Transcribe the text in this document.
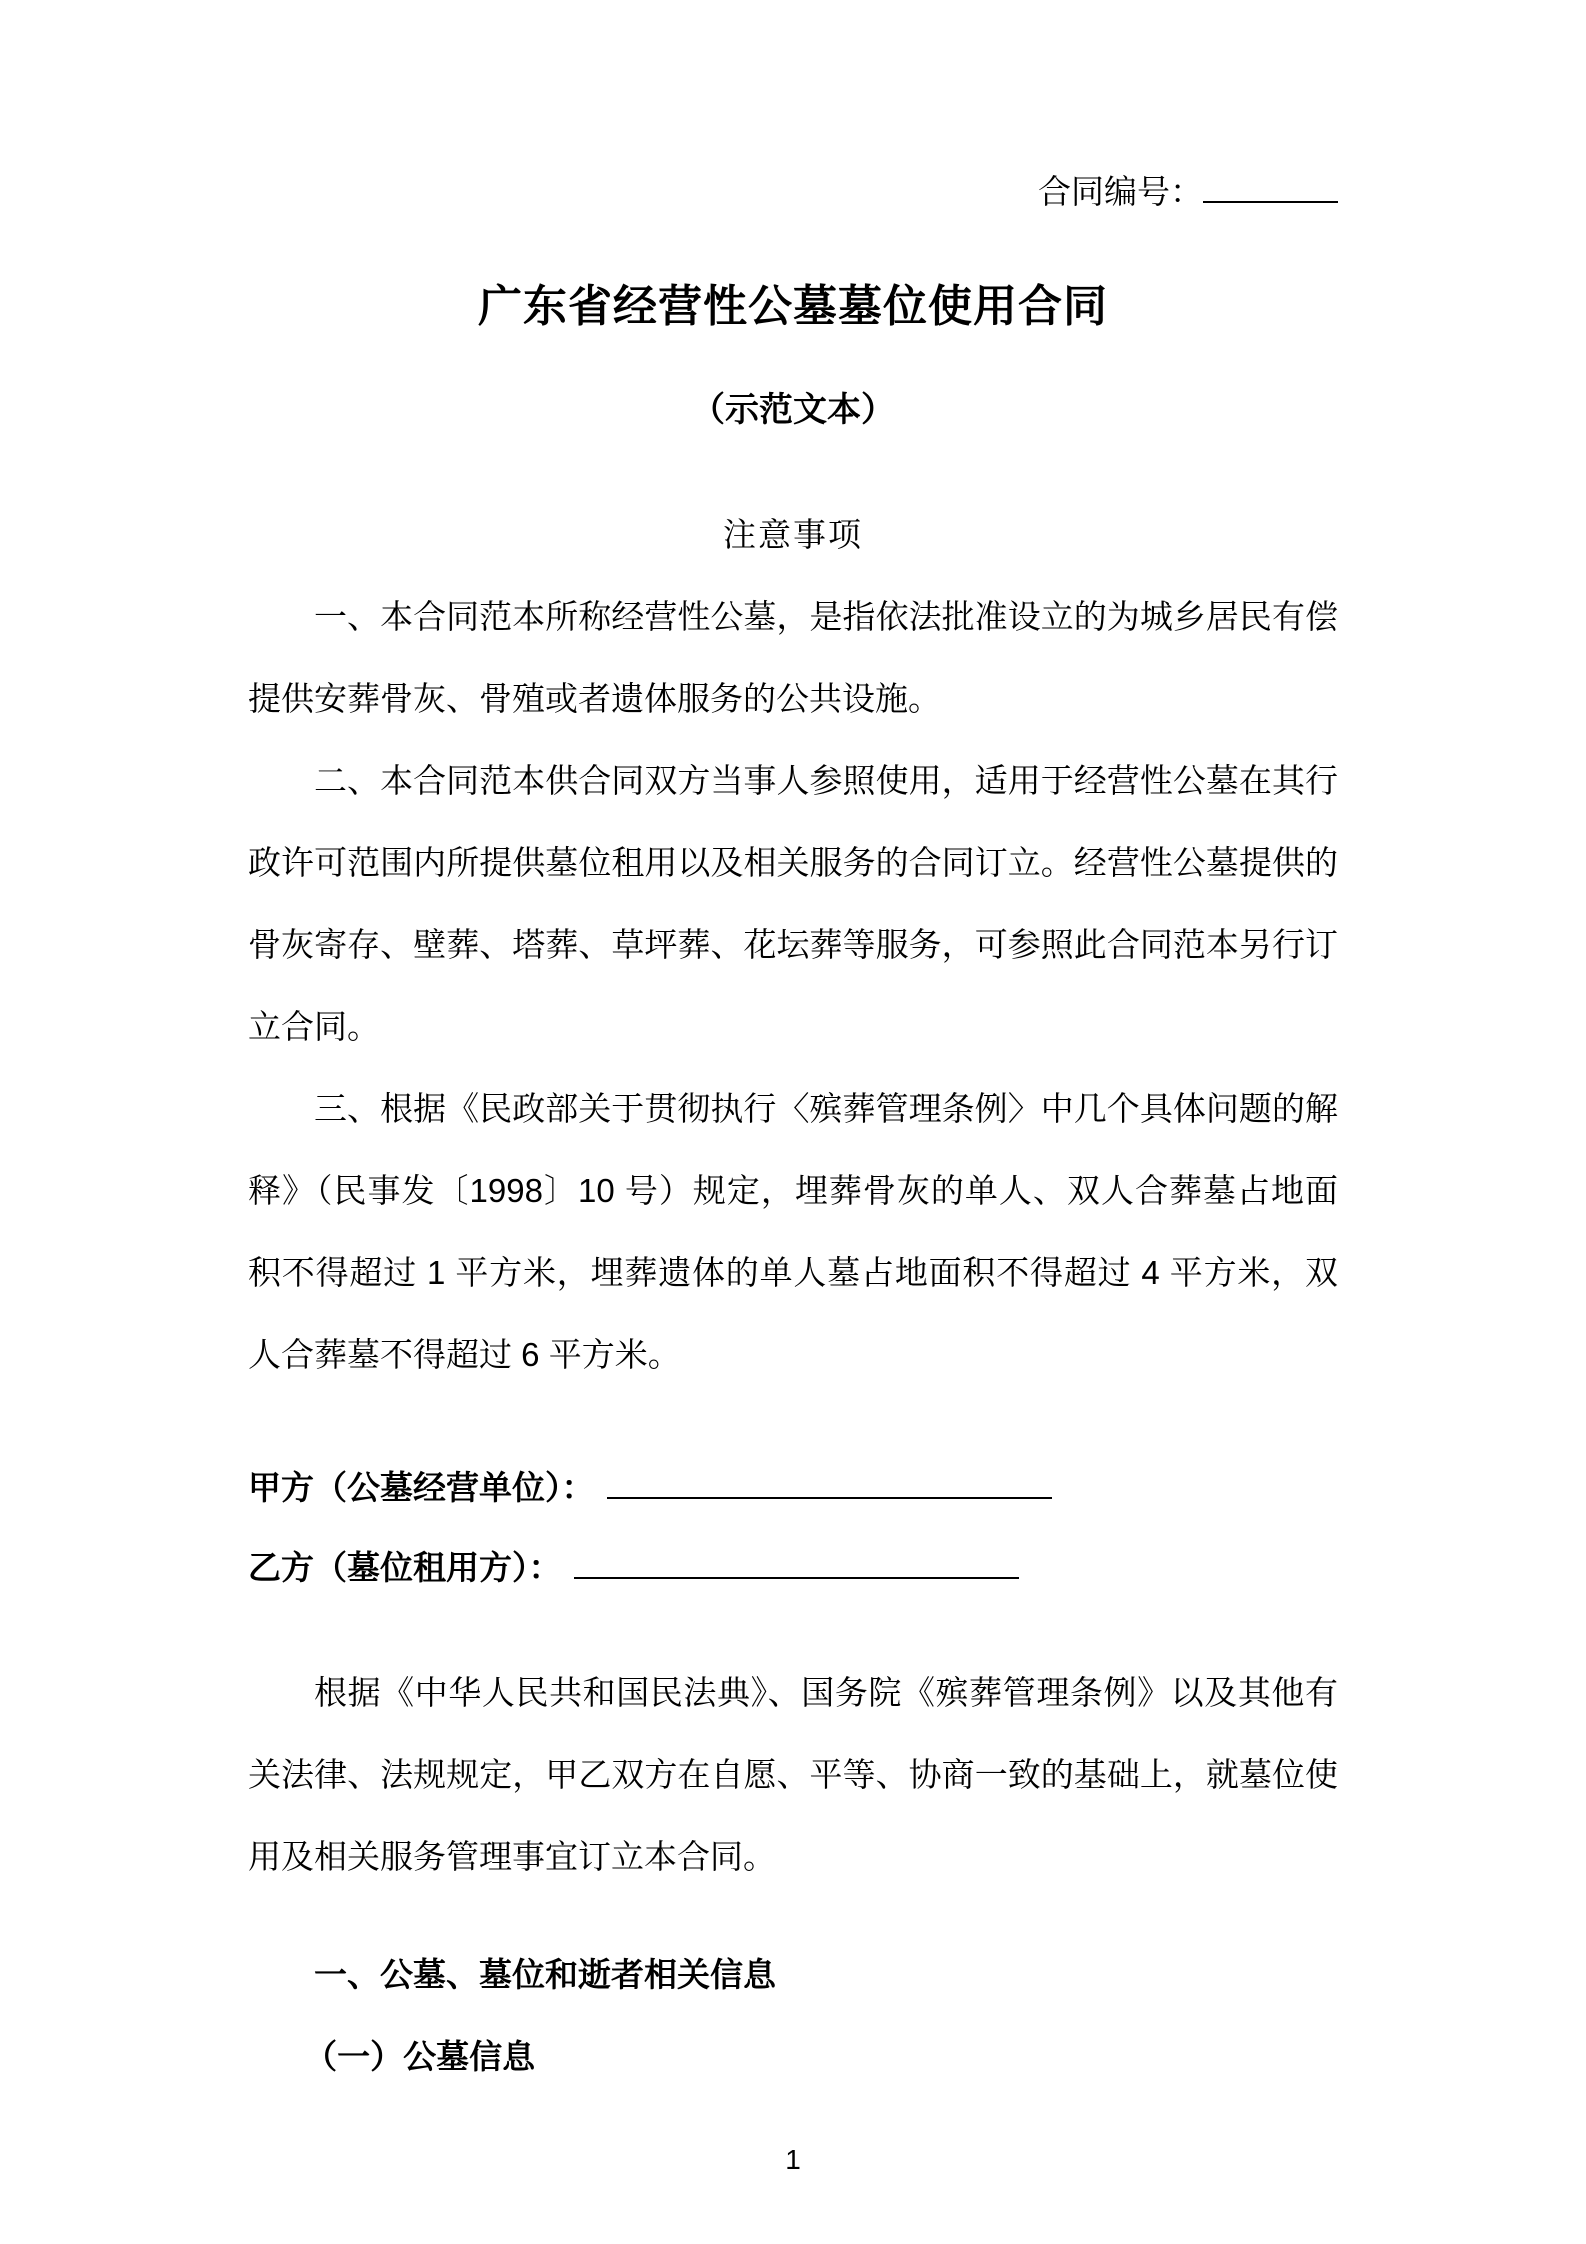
合同编号：
广东省经营性公墓墓位使用合同
（示范文本）
注意事项

一、本合同范本所称经营性公墓，是指依法批准设立的为城乡居民有偿提供安葬骨灰、骨殖或者遗体服务的公共设施。

二、本合同范本供合同双方当事人参照使用，适用于经营性公墓在其行政许可范围内所提供墓位租用以及相关服务的合同订立。经营性公墓提供的骨灰寄存、壁葬、塔葬、草坪葬、花坛葬等服务，可参照此合同范本另行订立合同。

三、根据《民政部关于贯彻执行〈殡葬管理条例〉中几个具体问题的解释》（民事发〔1998〕10 号）规定，埋葬骨灰的单人、双人合葬墓占地面积不得超过 1 平方米，埋葬遗体的单人墓占地面积不得超过 4 平方米，双人合葬墓不得超过 6 平方米。

甲方（公墓经营单位）：
乙方（墓位租用方）：

根据《中华人民共和国民法典》、国务院《殡葬管理条例》以及其他有关法律、法规规定，甲乙双方在自愿、平等、协商一致的基础上，就墓位使用及相关服务管理事宜订立本合同。

一、公墓、墓位和逝者相关信息
（一）公墓信息
1
